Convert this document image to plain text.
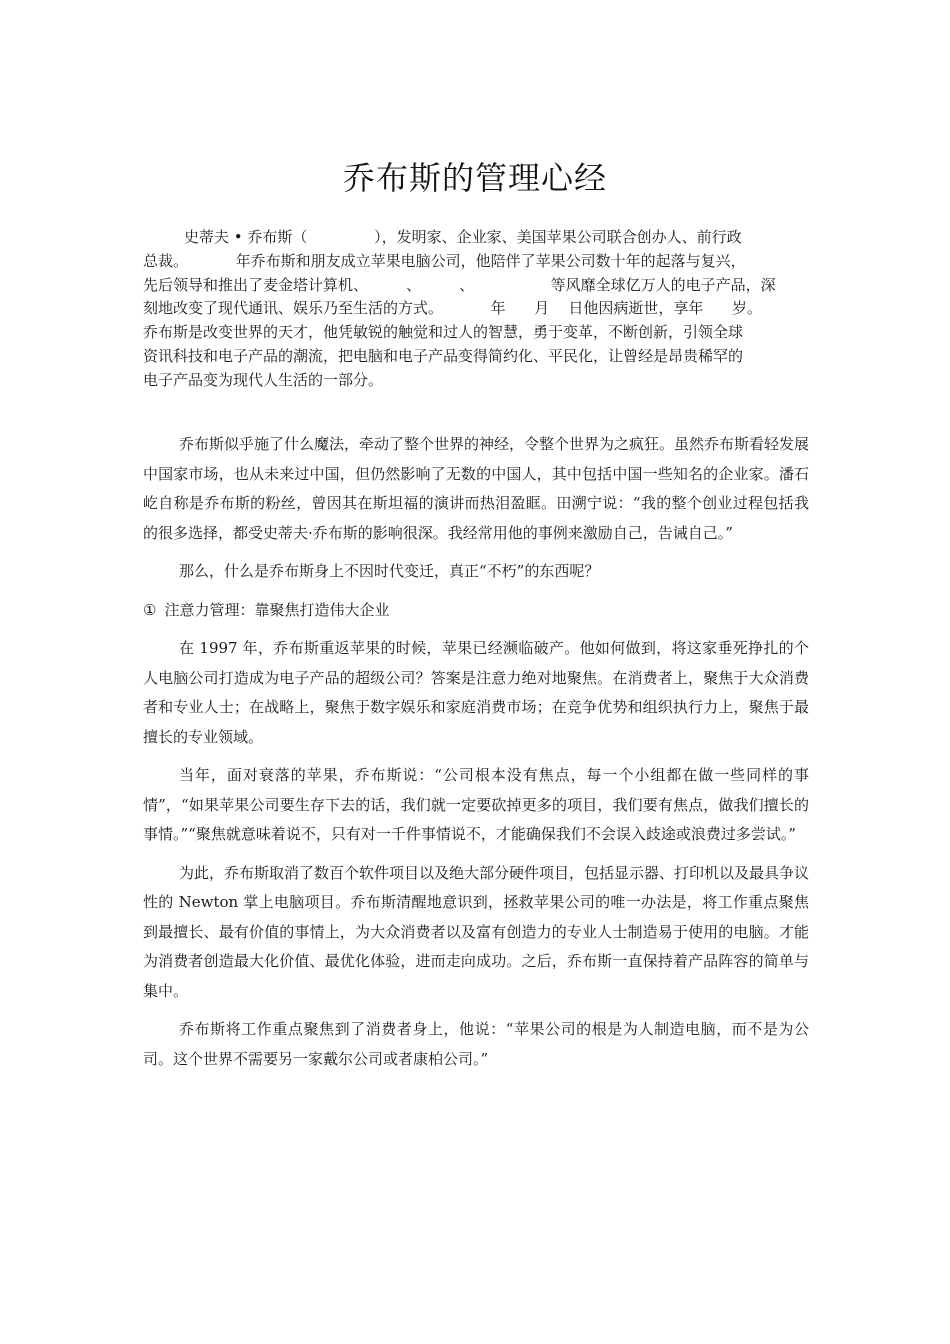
乔布斯的管理心经
史蒂夫 • 乔布斯（              ），发明家、企业家、美国苹果公司联合创办人、前行政
总裁。          年乔布斯和朋友成立苹果电脑公司，他陪伴了苹果公司数十年的起落与复兴，
先后领导和推出了麦金塔计算机、        、        、                等风靡全球亿万人的电子产品，深
刻地改变了现代通讯、娱乐乃至生活的方式。          年      月    日他因病逝世，享年      岁。
乔布斯是改变世界的天才，他凭敏锐的触觉和过人的智慧，勇于变革，不断创新，引领全球
资讯科技和电子产品的潮流，把电脑和电子产品变得简约化、平民化，让曾经是昂贵稀罕的
电子产品变为现代人生活的一部分。

乔布斯似乎施了什么魔法，牵动了整个世界的神经，令整个世界为之疯狂。虽然乔布斯看轻发展中国家市场，也从未来过中国，但仍然影响了无数的中国人，其中包括中国一些知名的企业家。潘石屹自称是乔布斯的粉丝，曾因其在斯坦福的演讲而热泪盈眶。田溯宁说：“我的整个创业过程包括我的很多选择，都受史蒂夫·乔布斯的影响很深。我经常用他的事例来激励自己，告诫自己。”

那么，什么是乔布斯身上不因时代变迁，真正“不朽”的东西呢？

① 注意力管理：靠聚焦打造伟大企业

在 1997 年，乔布斯重返苹果的时候，苹果已经濒临破产。他如何做到，将这家垂死挣扎的个人电脑公司打造成为电子产品的超级公司？答案是注意力绝对地聚焦。在消费者上，聚焦于大众消费者和专业人士；在战略上，聚焦于数字娱乐和家庭消费市场；在竞争优势和组织执行力上，聚焦于最擅长的专业领域。

当年，面对衰落的苹果，乔布斯说：“公司根本没有焦点，每一个小组都在做一些同样的事情”，“如果苹果公司要生存下去的话，我们就一定要砍掉更多的项目，我们要有焦点，做我们擅长的事情。”“聚焦就意味着说不，只有对一千件事情说不，才能确保我们不会误入歧途或浪费过多尝试。”

为此，乔布斯取消了数百个软件项目以及绝大部分硬件项目，包括显示器、打印机以及最具争议性的 Newton 掌上电脑项目。乔布斯清醒地意识到，拯救苹果公司的唯一办法是，将工作重点聚焦到最擅长、最有价值的事情上，为大众消费者以及富有创造力的专业人士制造易于使用的电脑。才能为消费者创造最大化价值、最优化体验，进而走向成功。之后，乔布斯一直保持着产品阵容的简单与集中。

乔布斯将工作重点聚焦到了消费者身上，他说：“苹果公司的根是为人制造电脑，而不是为公司。这个世界不需要另一家戴尔公司或者康柏公司。”
